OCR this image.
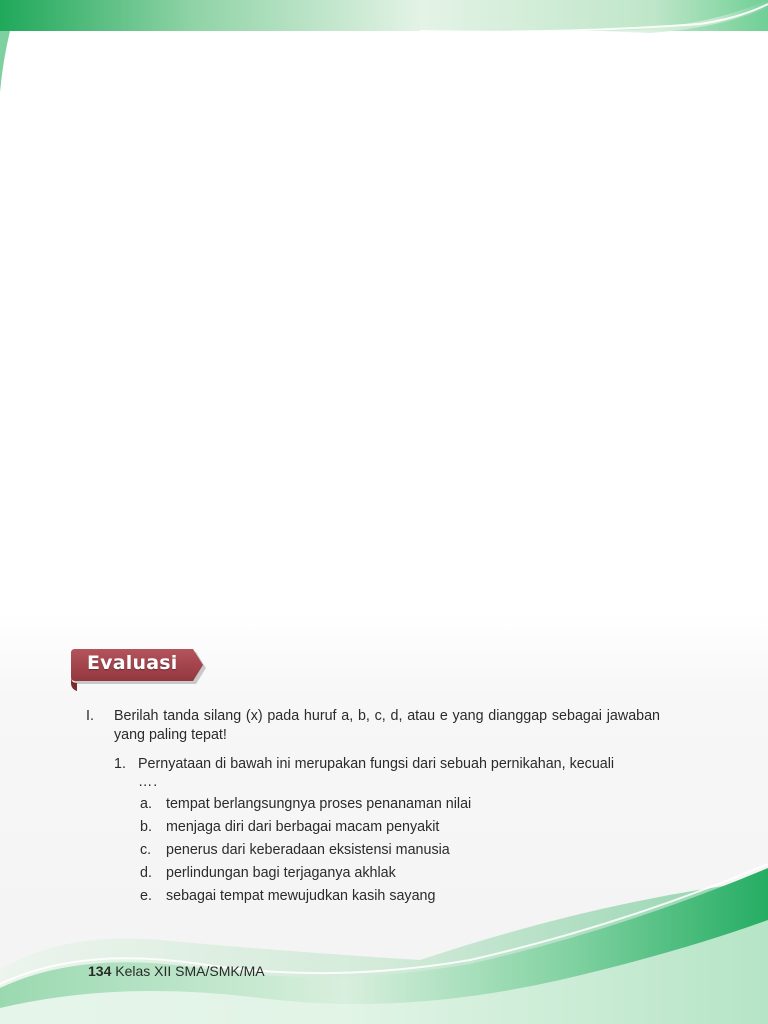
Evaluasi
I. Berilah tanda silang (x) pada huruf a, b, c, d, atau e yang dianggap sebagai jawaban yang paling tepat!
1. Pernyataan di bawah ini merupakan fungsi dari sebuah pernikahan, kecuali
….
a. tempat berlangsungnya proses penanaman nilai
b. menjaga diri dari berbagai macam penyakit
c. penerus dari keberadaan eksistensi manusia
d. perlindungan bagi terjaganya akhlak
e. sebagai tempat mewujudkan kasih sayang
134 Kelas XII SMA/SMK/MA
